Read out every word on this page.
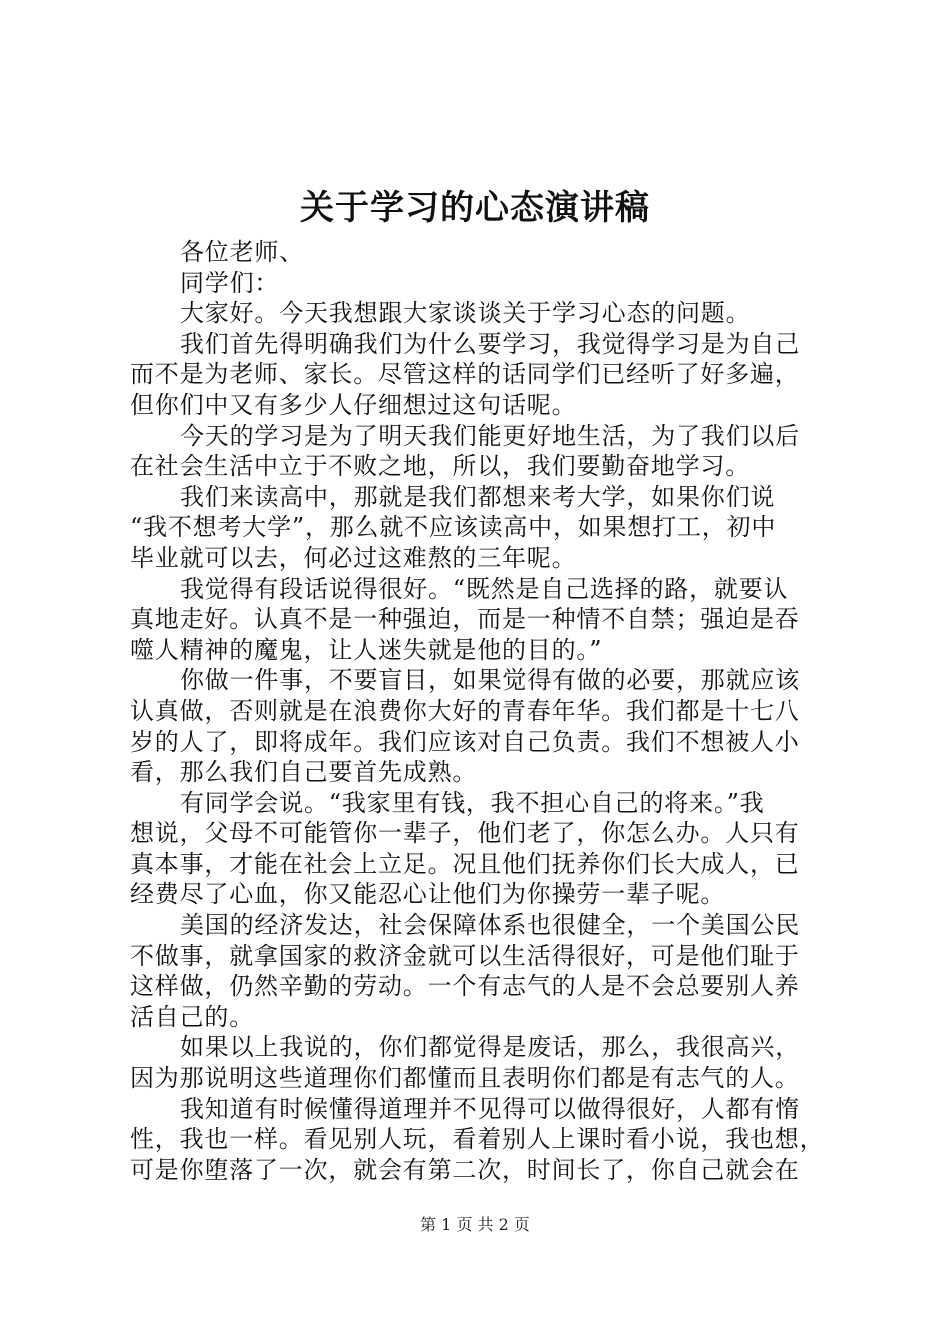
关于学习的心态演讲稿
各位老师、
同学们：
大家好。今天我想跟大家谈谈关于学习心态的问题。
我们首先得明确我们为什么要学习，我觉得学习是为自己
而不是为老师、家长。尽管这样的话同学们已经听了好多遍，
但你们中又有多少人仔细想过这句话呢。
今天的学习是为了明天我们能更好地生活，为了我们以后
在社会生活中立于不败之地，所以，我们要勤奋地学习。
我们来读高中，那就是我们都想来考大学，如果你们说
“我不想考大学”，那么就不应该读高中，如果想打工，初中
毕业就可以去，何必过这难熬的三年呢。
我觉得有段话说得很好。“既然是自己选择的路，就要认
真地走好。认真不是一种强迫，而是一种情不自禁；强迫是吞
噬人精神的魔鬼，让人迷失就是他的目的。”
你做一件事，不要盲目，如果觉得有做的必要，那就应该
认真做，否则就是在浪费你大好的青春年华。我们都是十七八
岁的人了，即将成年。我们应该对自己负责。我们不想被人小
看，那么我们自己要首先成熟。
有同学会说。“我家里有钱，我不担心自己的将来。”我
想说，父母不可能管你一辈子，他们老了，你怎么办。人只有
真本事，才能在社会上立足。况且他们抚养你们长大成人，已
经费尽了心血，你又能忍心让他们为你操劳一辈子呢。
美国的经济发达，社会保障体系也很健全，一个美国公民
不做事，就拿国家的救济金就可以生活得很好，可是他们耻于
这样做，仍然辛勤的劳动。一个有志气的人是不会总要别人养
活自己的。
如果以上我说的，你们都觉得是废话，那么，我很高兴，
因为那说明这些道理你们都懂而且表明你们都是有志气的人。
我知道有时候懂得道理并不见得可以做得很好，人都有惰
性，我也一样。看见别人玩，看着别人上课时看小说，我也想，
可是你堕落了一次，就会有第二次，时间长了，你自己就会在
第 1 页 共 2 页
